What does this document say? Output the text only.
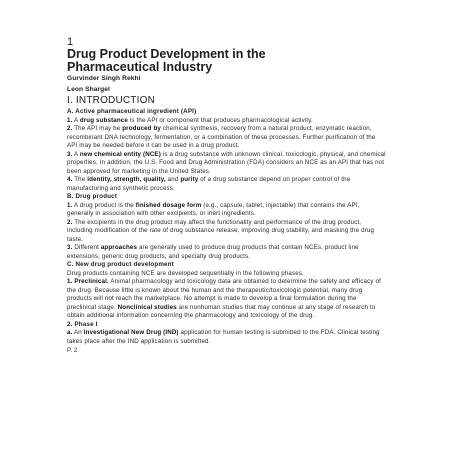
1

Drug Product Development in the

Pharmaceutical Industry

Gurvinder Singh Rekhi

Leon Shargel

I. INTRODUCTION

A. Active pharmaceutical ingredient (API)

1. A drug substance is the API or component that produces pharmacological activity.

2. The API may be produced by chemical synthesis, recovery from a natural product, enzymatic reaction, recombinant DNA technology, fermentation, or a combination of these processes. Further purification of the API may be needed before it can be used in a drug product.

3. A new chemical entity (NCE) is a drug substance with unknown clinical, toxicologic, physical, and chemical properties. In addition, the U.S. Food and Drug Administration (FDA) considers an NCE as an API that has not been approved for marketing in the United States.

4. The identity, strength, quality, and purity of a drug substance depend on proper control of the manufacturing and synthetic process.

B. Drug product

1. A drug product is the finished dosage form (e.g., capsule, tablet, injectable) that contains the API, generally in association with other excipients, or inert ingredients.

2. The excipients in the drug product may affect the functionality and performance of the drug product, including modification of the rate of drug substance release, improving drug stability, and masking the drug taste.

3. Different approaches are generally used to produce drug products that contain NCEs, product line extensions, generic drug products, and specialty drug products.

C. New drug product development

Drug products containing NCE are developed sequentially in the following phases.

1. Preclinical. Animal pharmacology and toxicology data are obtained to determine the safety and efficacy of the drug. Because little is known about the human and the therapeutic/toxicologic potential, many drug products will not reach the marketplace. No attempt is made to develop a final formulation during the preclinical stage. Nonclinical studies are nonhuman studies that may continue at any stage of research to obtain additional information concerning the pharmacology and toxicology of the drug.

2. Phase I

a. An Investigational New Drug (IND) application for human testing is submitted to the FDA. Clinical testing takes place after the IND application is submitted.

P. 2
